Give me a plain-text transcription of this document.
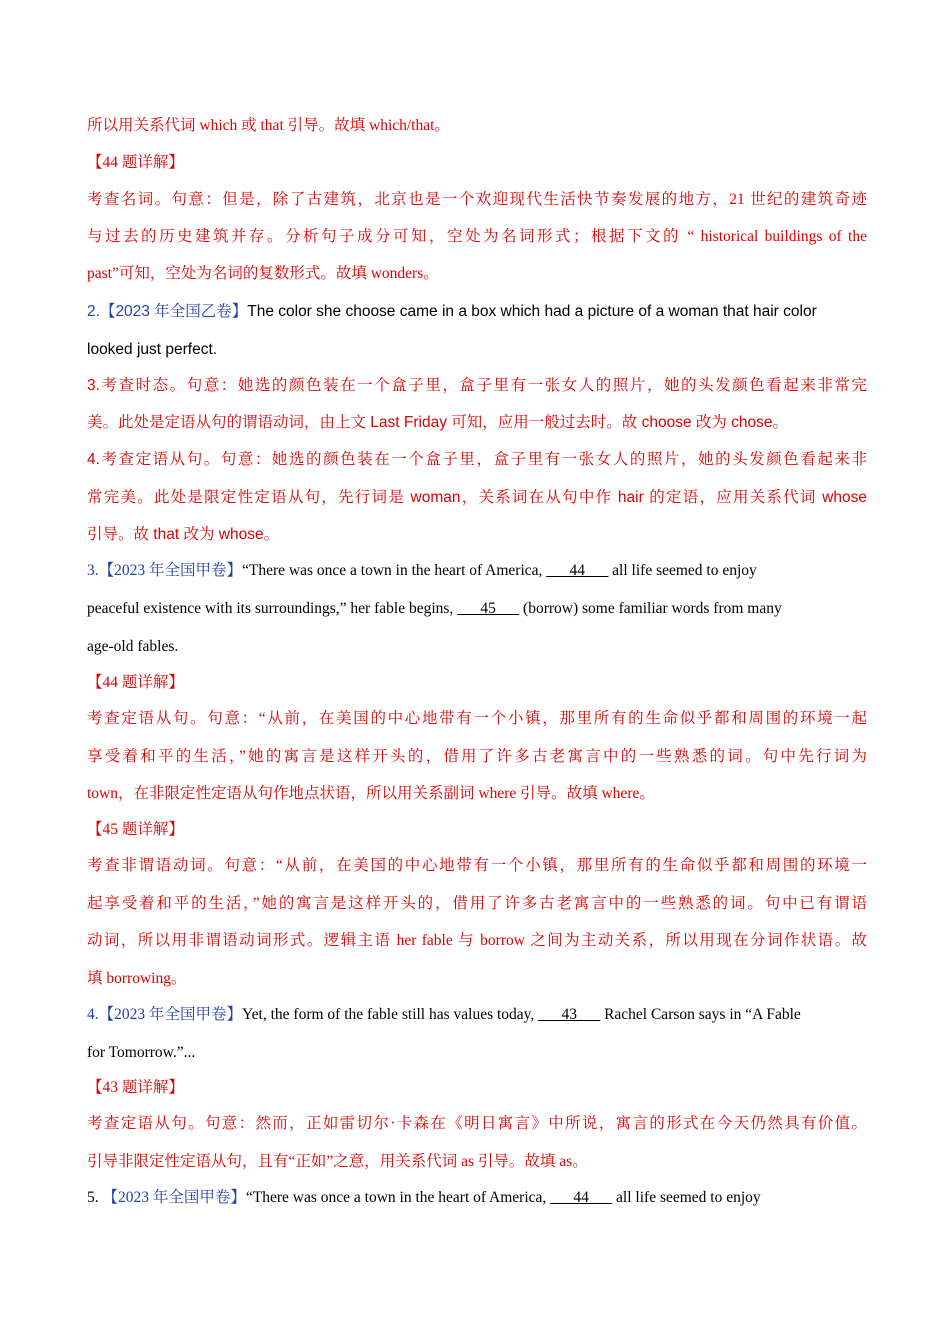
所以用关系代词 which 或 that 引导。故填 which/that。
【44 题详解】
考查名词。句意：但是，除了古建筑，北京也是一个欢迎现代生活快节奏发展的地方，21 世纪的建筑奇迹
与过去的历史建筑并存。分析句子成分可知，空处为名词形式；根据下文的 “ historical buildings of the
past”可知，空处为名词的复数形式。故填 wonders。
2.【2023 年全国乙卷】The color she choose came in a box which had a picture of a woman that hair color
looked just perfect.
3.考查时态。句意：她选的颜色装在一个盒子里，盒子里有一张女人的照片，她的头发颜色看起来非常完
美。此处是定语从句的谓语动词，由上文 Last Friday 可知，应用一般过去时。故 choose 改为 chose。
4.考查定语从句。句意：她选的颜色装在一个盒子里，盒子里有一张女人的照片，她的头发颜色看起来非
常完美。此处是限定性定语从句，先行词是 woman，关系词在从句中作 hair 的定语，应用关系代词 whose
引导。故 that 改为 whose。
3.【2023 年全国甲卷】“There was once a town in the heart of America, ___44___ all life seemed to enjoy
peaceful existence with its surroundings,” her fable begins, ___45___ (borrow) some familiar words from many
age-old fables.
【44 题详解】
考查定语从句。句意：“从前，在美国的中心地带有一个小镇，那里所有的生命似乎都和周围的环境一起
享受着和平的生活，”她的寓言是这样开头的，借用了许多古老寓言中的一些熟悉的词。句中先行词为
town，在非限定性定语从句作地点状语，所以用关系副词 where 引导。故填 where。
【45 题详解】
考查非谓语动词。句意：“从前，在美国的中心地带有一个小镇，那里所有的生命似乎都和周围的环境一
起享受着和平的生活，”她的寓言是这样开头的，借用了许多古老寓言中的一些熟悉的词。句中已有谓语
动词，所以用非谓语动词形式。逻辑主语 her fable 与 borrow 之间为主动关系，所以用现在分词作状语。故
填 borrowing。
4.【2023 年全国甲卷】Yet, the form of the fable still has values today, ___43___ Rachel Carson says in “A Fable
for Tomorrow.”...
【43 题详解】
考查定语从句。句意：然而，正如雷切尔·卡森在《明日寓言》中所说，寓言的形式在今天仍然具有价值。
引导非限定性定语从句，且有“正如”之意，用关系代词 as 引导。故填 as。
5. 【2023 年全国甲卷】“There was once a town in the heart of America, ___44___ all life seemed to enjoy
